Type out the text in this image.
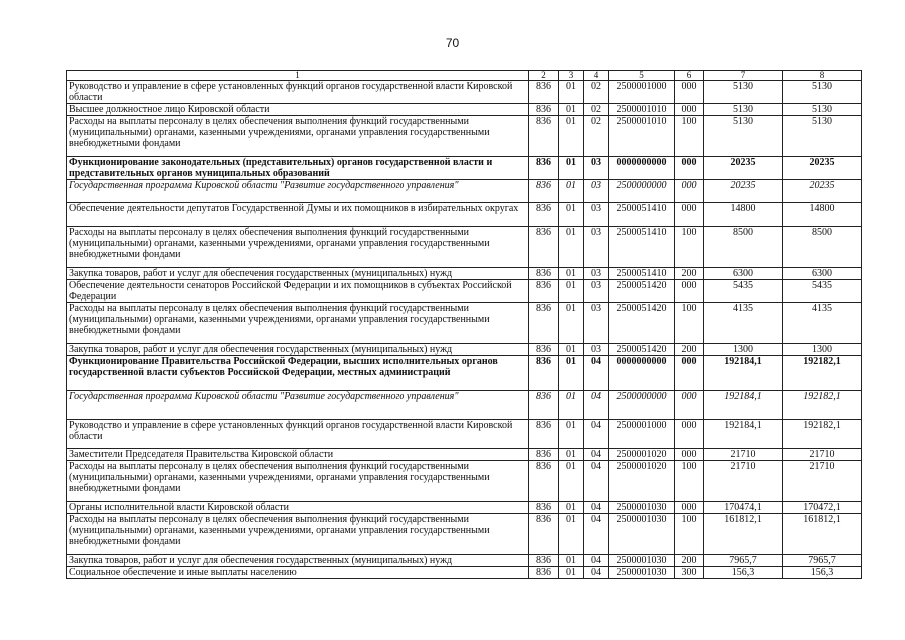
70
1	2	3	4	5	6	7	8
Руководство и управление в сфере установленных функций органов государственной власти Кировской области	836	01	02	2500001000	000	5130	5130
Высшее должностное лицо Кировской области	836	01	02	2500001010	000	5130	5130
Расходы на выплаты персоналу в целях обеспечения выполнения функций государственными (муниципальными) органами, казенными учреждениями, органами управления государственными внебюджетными фондами	836	01	02	2500001010	100	5130	5130
Функционирование законодательных (представительных) органов государственной власти и представительных органов муниципальных образований	836	01	03	0000000000	000	20235	20235
Государственная программа Кировской области "Развитие государственного управления"	836	01	03	2500000000	000	20235	20235
Обеспечение деятельности депутатов Государственной Думы и их помощников в избирательных округах	836	01	03	2500051410	000	14800	14800
Расходы на выплаты персоналу в целях обеспечения выполнения функций государственными (муниципальными) органами, казенными учреждениями, органами управления государственными внебюджетными фондами	836	01	03	2500051410	100	8500	8500
Закупка товаров, работ и услуг для обеспечения государственных (муниципальных) нужд	836	01	03	2500051410	200	6300	6300
Обеспечение деятельности сенаторов Российской Федерации и их помощников в субъектах Российской Федерации	836	01	03	2500051420	000	5435	5435
Расходы на выплаты персоналу в целях обеспечения выполнения функций государственными (муниципальными) органами, казенными учреждениями, органами управления государственными внебюджетными фондами	836	01	03	2500051420	100	4135	4135
Закупка товаров, работ и услуг для обеспечения государственных (муниципальных) нужд	836	01	03	2500051420	200	1300	1300
Функционирование Правительства Российской Федерации, высших исполнительных органов государственной власти субъектов Российской Федерации, местных администраций	836	01	04	0000000000	000	192184,1	192182,1
Государственная программа Кировской области "Развитие государственного управления"	836	01	04	2500000000	000	192184,1	192182,1
Руководство и управление в сфере установленных функций органов государственной власти Кировской области	836	01	04	2500001000	000	192184,1	192182,1
Заместители Председателя Правительства Кировской области	836	01	04	2500001020	000	21710	21710
Расходы на выплаты персоналу в целях обеспечения выполнения функций государственными (муниципальными) органами, казенными учреждениями, органами управления государственными внебюджетными фондами	836	01	04	2500001020	100	21710	21710
Органы исполнительной власти Кировской области	836	01	04	2500001030	000	170474,1	170472,1
Расходы на выплаты персоналу в целях обеспечения выполнения функций государственными (муниципальными) органами, казенными учреждениями, органами управления государственными внебюджетными фондами	836	01	04	2500001030	100	161812,1	161812,1
Закупка товаров, работ и услуг для обеспечения государственных (муниципальных) нужд	836	01	04	2500001030	200	7965,7	7965,7
Социальное обеспечение и иные выплаты населению	836	01	04	2500001030	300	156,3	156,3
